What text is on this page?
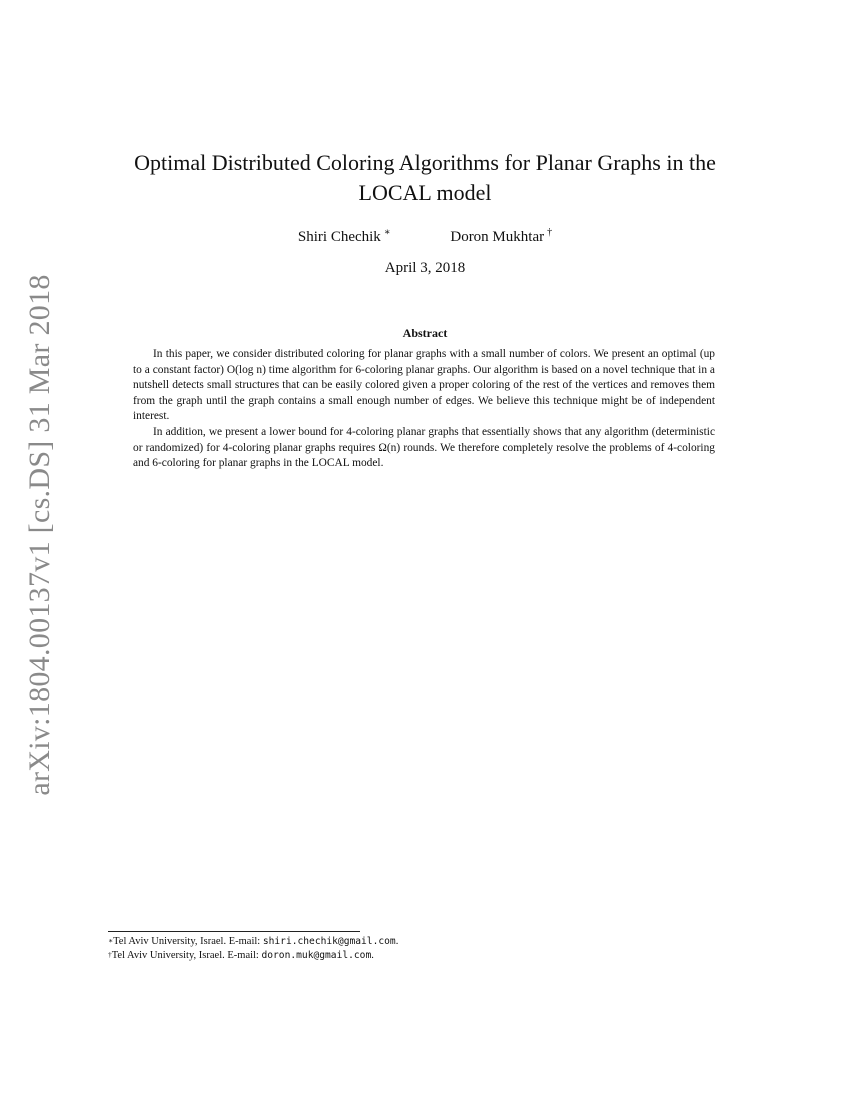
arXiv:1804.00137v1 [cs.DS] 31 Mar 2018
Optimal Distributed Coloring Algorithms for Planar Graphs in the LOCAL model
Shiri Chechik ∗	Doron Mukhtar †
April 3, 2018
Abstract

In this paper, we consider distributed coloring for planar graphs with a small number of colors. We present an optimal (up to a constant factor) O(log n) time algorithm for 6-coloring planar graphs. Our algorithm is based on a novel technique that in a nutshell detects small structures that can be easily colored given a proper coloring of the rest of the vertices and removes them from the graph until the graph contains a small enough number of edges. We believe this technique might be of independent interest.

In addition, we present a lower bound for 4-coloring planar graphs that essentially shows that any algorithm (deterministic or randomized) for 4-coloring planar graphs requires Ω(n) rounds. We therefore completely resolve the problems of 4-coloring and 6-coloring for planar graphs in the LOCAL model.

∗Tel Aviv University, Israel. E-mail: shiri.chechik@gmail.com.
†Tel Aviv University, Israel. E-mail: doron.muk@gmail.com.
